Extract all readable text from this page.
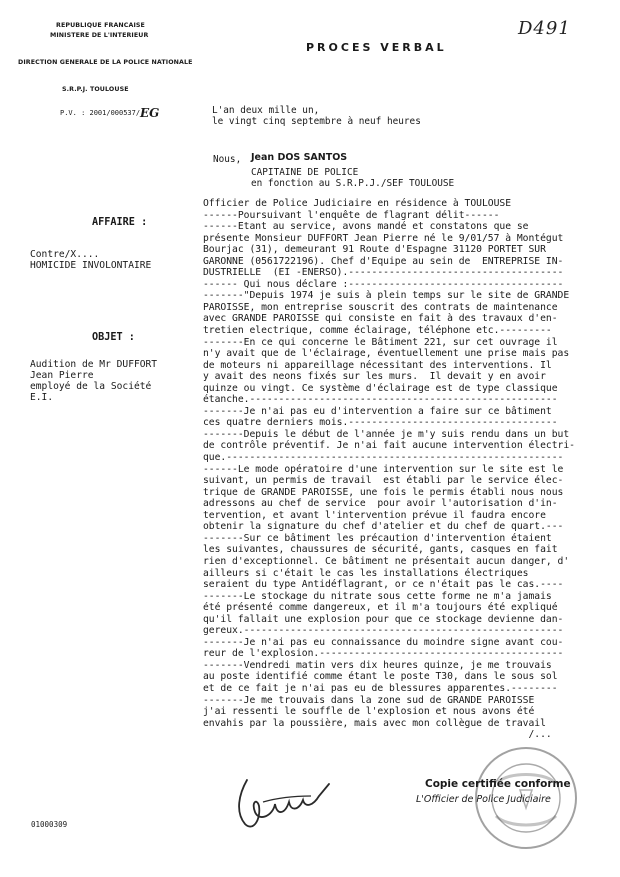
REPUBLIQUE FRANCAISE
MINISTERE DE L'INTERIEUR
DIRECTION GENERALE DE LA POLICE NATIONALE
S.R.P.J. TOULOUSE
P.V. : 2001/000537/ EG
D491
PROCES VERBAL
L'an deux mille un,
le vingt cinq septembre à neuf heures
Nous, Jean DOS SANTOS
CAPITAINE DE POLICE
en fonction au S.R.P.J./SEF TOULOUSE
AFFAIRE :
Contre/X....
HOMICIDE INVOLONTAIRE
OBJET :
Audition de Mr DUFFORT
Jean Pierre
employé de la Société
E.I.
Officier de Police Judiciaire en résidence à TOULOUSE
------Poursuivant l'enquête de flagrant délit------
------Etant au service, avons mandé et constatons que se
présente Monsieur DUFFORT Jean Pierre né le 9/01/57 à Montégut
Bourjac (31), demeurant 91 Route d'Espagne 31120 PORTET SUR
GARONNE (0561722196). Chef d'Equipe au sein de  ENTREPRISE IN-
DUSTRIELLE  (EI -ENERSO).-------------------------------------
------ Qui nous déclare :-------------------------------------
-------"Depuis 1974 je suis à plein temps sur le site de GRANDE
PAROISSE, mon entreprise souscrit des contrats de maintenance
avec GRANDE PAROISSE qui consiste en fait à des travaux d'en-
tretien electrique, comme éclairage, téléphone etc.---------
-------En ce qui concerne le Bâtiment 221, sur cet ouvrage il
n'y avait que de l'éclairage, éventuellement une prise mais pas
de moteurs ni appareillage nécessitant des interventions. Il
y avait des neons fixés sur les murs.  Il devait y en avoir
quinze ou vingt. Ce système d'éclairage est de type classique
étanche.-----------------------------------------------------
-------Je n'ai pas eu d'intervention a faire sur ce bâtiment
ces quatre derniers mois.------------------------------------
-------Depuis le début de l'année je m'y suis rendu dans un but
de contrôle préventif. Je n'ai fait aucune intervention électri-
que.----------------------------------------------------------
------Le mode opératoire d'une intervention sur le site est le
suivant, un permis de travail  est établi par le service élec-
trique de GRANDE PAROISSE, une fois le permis établi nous nous
adressons au chef de service  pour avoir l'autorisation d'in-
tervention, et avant l'intervention prévue il faudra encore
obtenir la signature du chef d'atelier et du chef de quart.---
-------Sur ce bâtiment les précaution d'intervention étaient
les suivantes, chaussures de sécurité, gants, casques en fait
rien d'exceptionnel. Ce bâtiment ne présentait aucun danger, d'
ailleurs si c'était le cas les installations électriques
seraient du type Antidéflagrant, or ce n'était pas le cas.----
-------Le stockage du nitrate sous cette forme ne m'a jamais
été présenté comme dangereux, et il m'a toujours été expliqué
qu'il fallait une explosion pour que ce stockage devienne dan-
gereux.-------------------------------------------------------
-------Je n'ai pas eu connaissance du moindre signe avant cou-
reur de l'explosion.------------------------------------------
-------Vendredi matin vers dix heures quinze, je me trouvais
au poste identifié comme étant le poste T30, dans le sous sol
et de ce fait je n'ai pas eu de blessures apparentes.--------
-------Je me trouvais dans la zone sud de GRANDE PAROISSE
j'ai ressenti le souffle de l'explosion et nous avons été
envahis par la poussière, mais avec mon collègue de travail
/...
Copie certifiée conforme
L'Officier de Police Judiciaire
01000309
